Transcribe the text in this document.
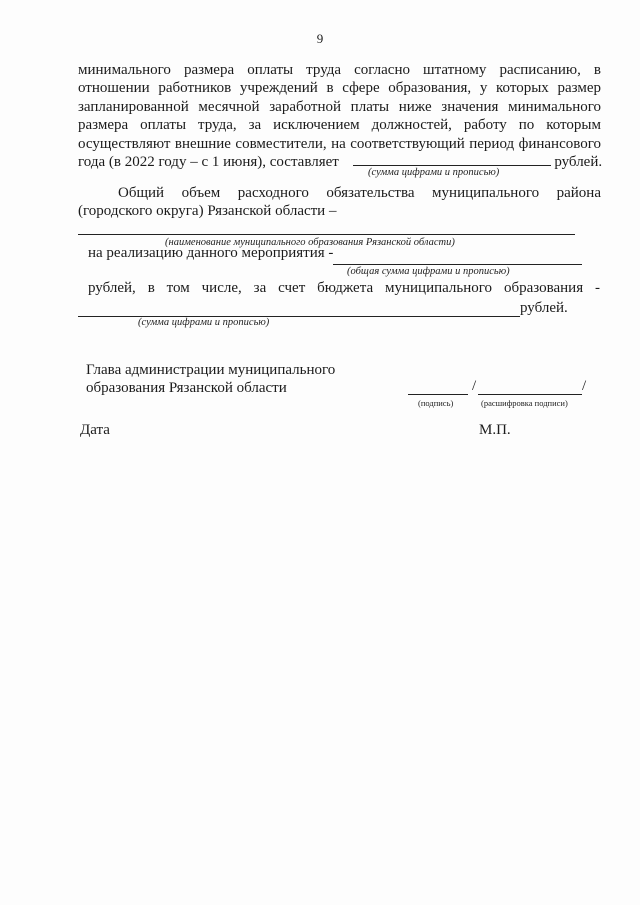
9
минимального размера оплаты труда согласно штатному расписанию, в
отношении работников учреждений в сфере образования, у которых размер
запланированной месячной заработной платы ниже значения минимального
размера оплаты труда, за исключением должностей, работу по которым
осуществляют внешние совместители, на соответствующий период финансового
года (в 2022 году – с 1 июня), составляет	рублей.
(сумма цифрами и прописью)
Общий объем расходного обязательства муниципального района
(городского округа) Рязанской области –
(наименование муниципального образования Рязанской области)
на реализацию данного мероприятия -
(общая сумма цифрами и прописью)
рублей, в том числе, за счет бюджета муниципального образования -
рублей.
(сумма цифрами и прописью)
Глава администрации муниципального
образования Рязанской области	/	/
(подпись)	(расшифровка подписи)
Дата	М.П.
